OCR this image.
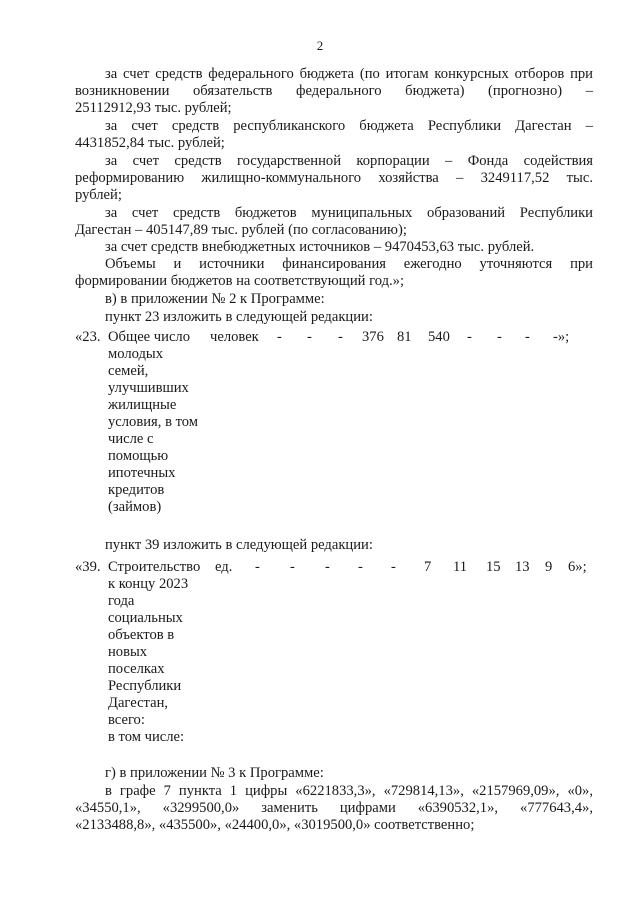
2
за счет средств федерального бюджета (по итогам конкурсных отборов при
возникновении обязательств федерального бюджета) (прогнозно) –
25112912,93 тыс. рублей;
за счет средств республиканского бюджета Республики Дагестан –
4431852,84 тыс. рублей;
за счет средств государственной корпорации – Фонда содействия
реформированию жилищно-коммунального хозяйства – 3249117,52 тыс.
рублей;
за счет средств бюджетов муниципальных образований Республики
Дагестан – 405147,89 тыс. рублей (по согласованию);
за счет средств внебюджетных источников – 9470453,63 тыс. рублей.
Объемы и источники финансирования ежегодно уточняются при
формировании бюджетов на соответствующий год.»;
в) в приложении № 2 к Программе:
пункт 23 изложить в следующей редакции:
«23. Общее число
молодых
семей,
улучшивших
жилищные
условия, в том
числе с
помощью
ипотечных
кредитов
(займов)
человек - - - 376 81 540 - - - -»;
пункт 39 изложить в следующей редакции:
«39. Строительство
к концу 2023
года
социальных
объектов в
новых
поселках
Республики
Дагестан,
всего:
в том числе:
ед. - - - - - 7 11 15 13 9 6»;
г) в приложении № 3 к Программе:
в графе 7 пункта 1 цифры «6221833,3», «729814,13», «2157969,09», «0»,
«34550,1», «3299500,0» заменить цифрами «6390532,1», «777643,4»,
«2133488,8», «435500», «24400,0», «3019500,0» соответственно;
